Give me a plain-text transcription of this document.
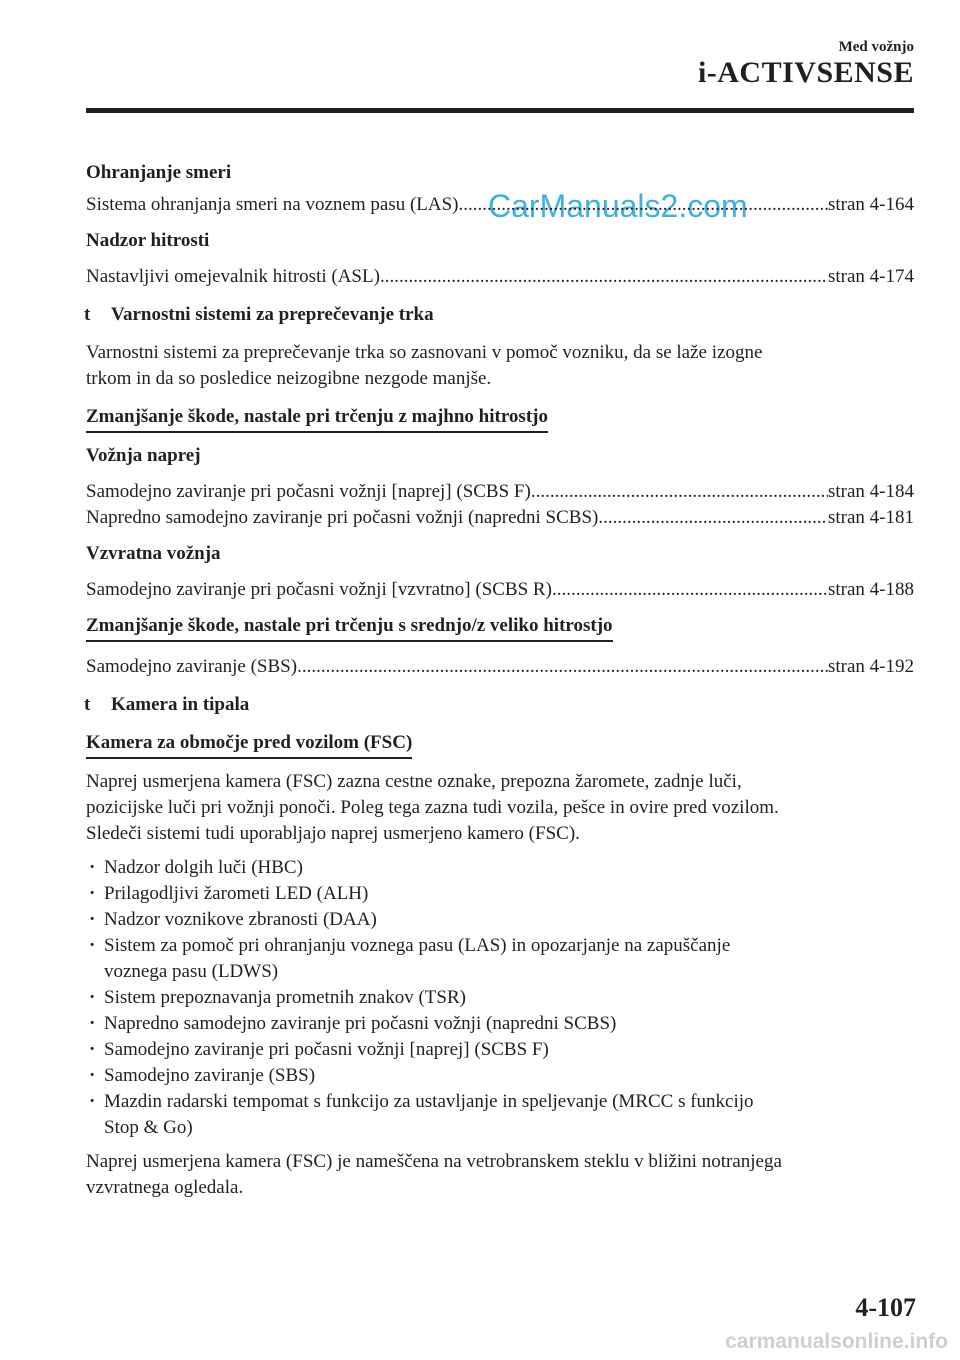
Med vožnjo
i-ACTIVSENSE
CarManuals2.com

Ohranjanje smeri

Sistema ohranjanja smeri na voznem pasu (LAS) .....	stran 4-164

Nadzor hitrosti

Nastavljivi omejevalnik hitrosti (ASL) .....	stran 4-174

t	Varnostni sistemi za preprečevanje trka

Varnostni sistemi za preprečevanje trka so zasnovani v pomoč vozniku, da se laže izogne

trkom in da so posledice neizogibne nezgode manjše.

Zmanjšanje škode, nastale pri trčenju z majhno hitrostjo

Vožnja naprej

Samodejno zaviranje pri počasni vožnji [naprej] (SCBS F) .....	stran 4-184

Napredno samodejno zaviranje pri počasni vožnji (napredni SCBS) .....	stran 4-181

Vzvratna vožnja

Samodejno zaviranje pri počasni vožnji [vzvratno] (SCBS R) .....	stran 4-188

Zmanjšanje škode, nastale pri trčenju s srednjo/z veliko hitrostjo

Samodejno zaviranje (SBS) .....	stran 4-192

t	Kamera in tipala

Kamera za območje pred vozilom (FSC)

Naprej usmerjena kamera (FSC) zazna cestne oznake, prepozna žaromete, zadnje luči,

pozicijske luči pri vožnji ponoči. Poleg tega zazna tudi vozila, pešce in ovire pred vozilom.

Sledeči sistemi tudi uporabljajo naprej usmerjeno kamero (FSC).

· Nadzor dolgih luči (HBC)
· Prilagodljivi žarometi LED (ALH)
· Nadzor voznikove zbranosti (DAA)
· Sistem za pomoč pri ohranjanju voznega pasu (LAS) in opozarjanje na zapuščanje
voznega pasu (LDWS)
· Sistem prepoznavanja prometnih znakov (TSR)
· Napredno samodejno zaviranje pri počasni vožnji (napredni SCBS)
· Samodejno zaviranje pri počasni vožnji [naprej] (SCBS F)
· Samodejno zaviranje (SBS)
· Mazdin radarski tempomat s funkcijo za ustavljanje in speljevanje (MRCC s funkcijo
Stop & Go)

Naprej usmerjena kamera (FSC) je nameščena na vetrobranskem steklu v bližini notranjega

vzvratnega ogledala.

4-107
carmanualsonline.info
